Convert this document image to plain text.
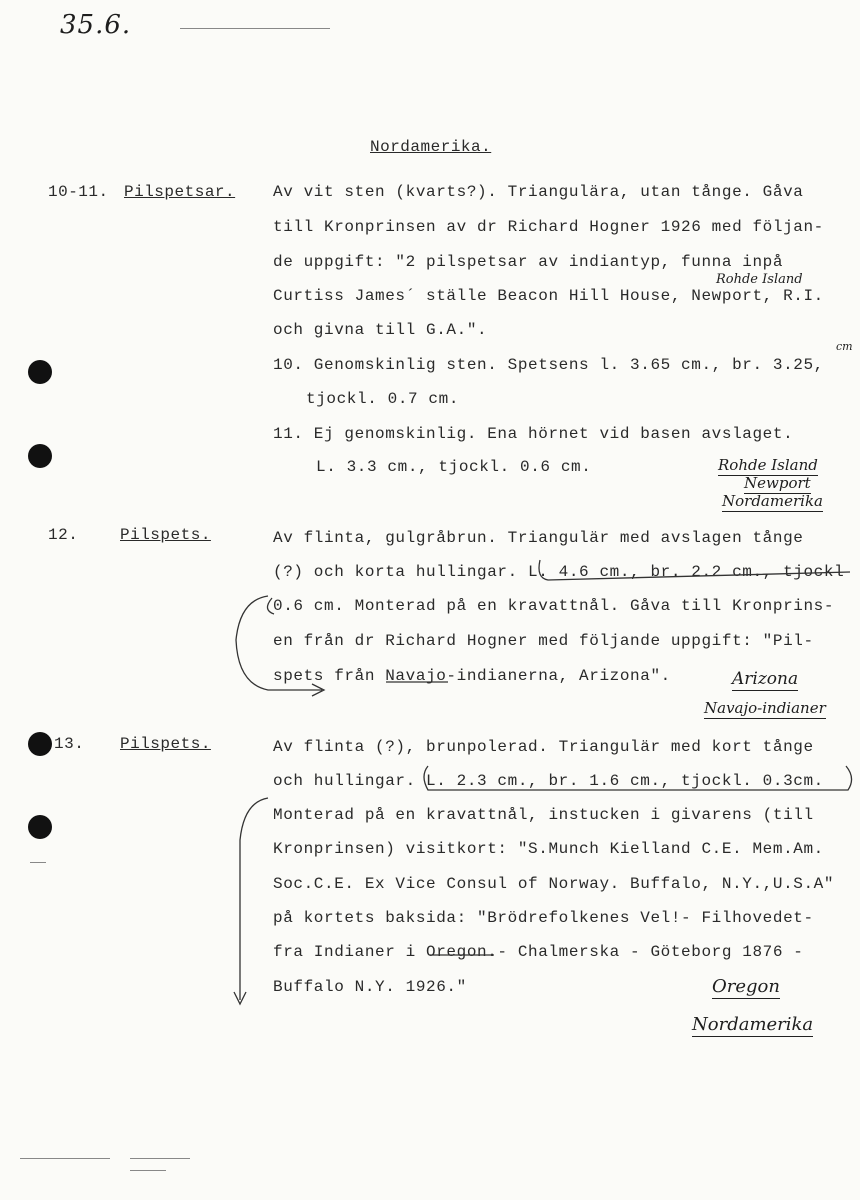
35.6.
Nordamerika.
10-11. Pilspetsar. Av vit sten (kvarts?). Triangulära, utan tånge. Gåva
till Kronprinsen av dr Richard Hogner 1926 med följan-
de uppgift: "2 pilspetsar av indiantyp, funna inpå
Curtiss James´ ställe Beacon Hill House, Newport, R.I.
och givna till G.A.".
10. Genomskinlig sten. Spetsens l. 3.65 cm., br. 3.25,
tjockl. 0.7 cm.
11. Ej genomskinlig. Ena hörnet vid basen avslaget.
L. 3.3 cm., tjockl. 0.6 cm.
Rohde Island
cm
Rohde Island
Newport
Nordamerika
12.	Pilspets.	Av flinta, gulgråbrun. Triangulär med avslagen tånge
(?) och korta hullingar. L. 4.6 cm., br. 2.2 cm., tjockl
0.6 cm. Monterad på en kravattnål. Gåva till Kronprins-
en från dr Richard Hogner med följande uppgift: "Pil-
spets från Navajo-indianerna, Arizona".	Arizona
Navajo-indianer
13. Pilspets.	Av flinta (?), brunpolerad. Triangulär med kort tånge
och hullingar. L. 2.3 cm., br. 1.6 cm., tjockl. 0.3cm.
Monterad på en kravattnål, instucken i givarens (till
Kronprinsen) visitkort: "S.Munch Kielland C.E. Mem.Am.
Soc.C.E. Ex Vice Consul of Norway. Buffalo, N.Y.,U.S.A"
på kortets baksida: "Brödrefolkenes Vel!- Filhovedet-
fra Indianer i Oregon.- Chalmerska - Göteborg 1876 -
Buffalo N.Y. 1926."	Oregon
Nordamerika
